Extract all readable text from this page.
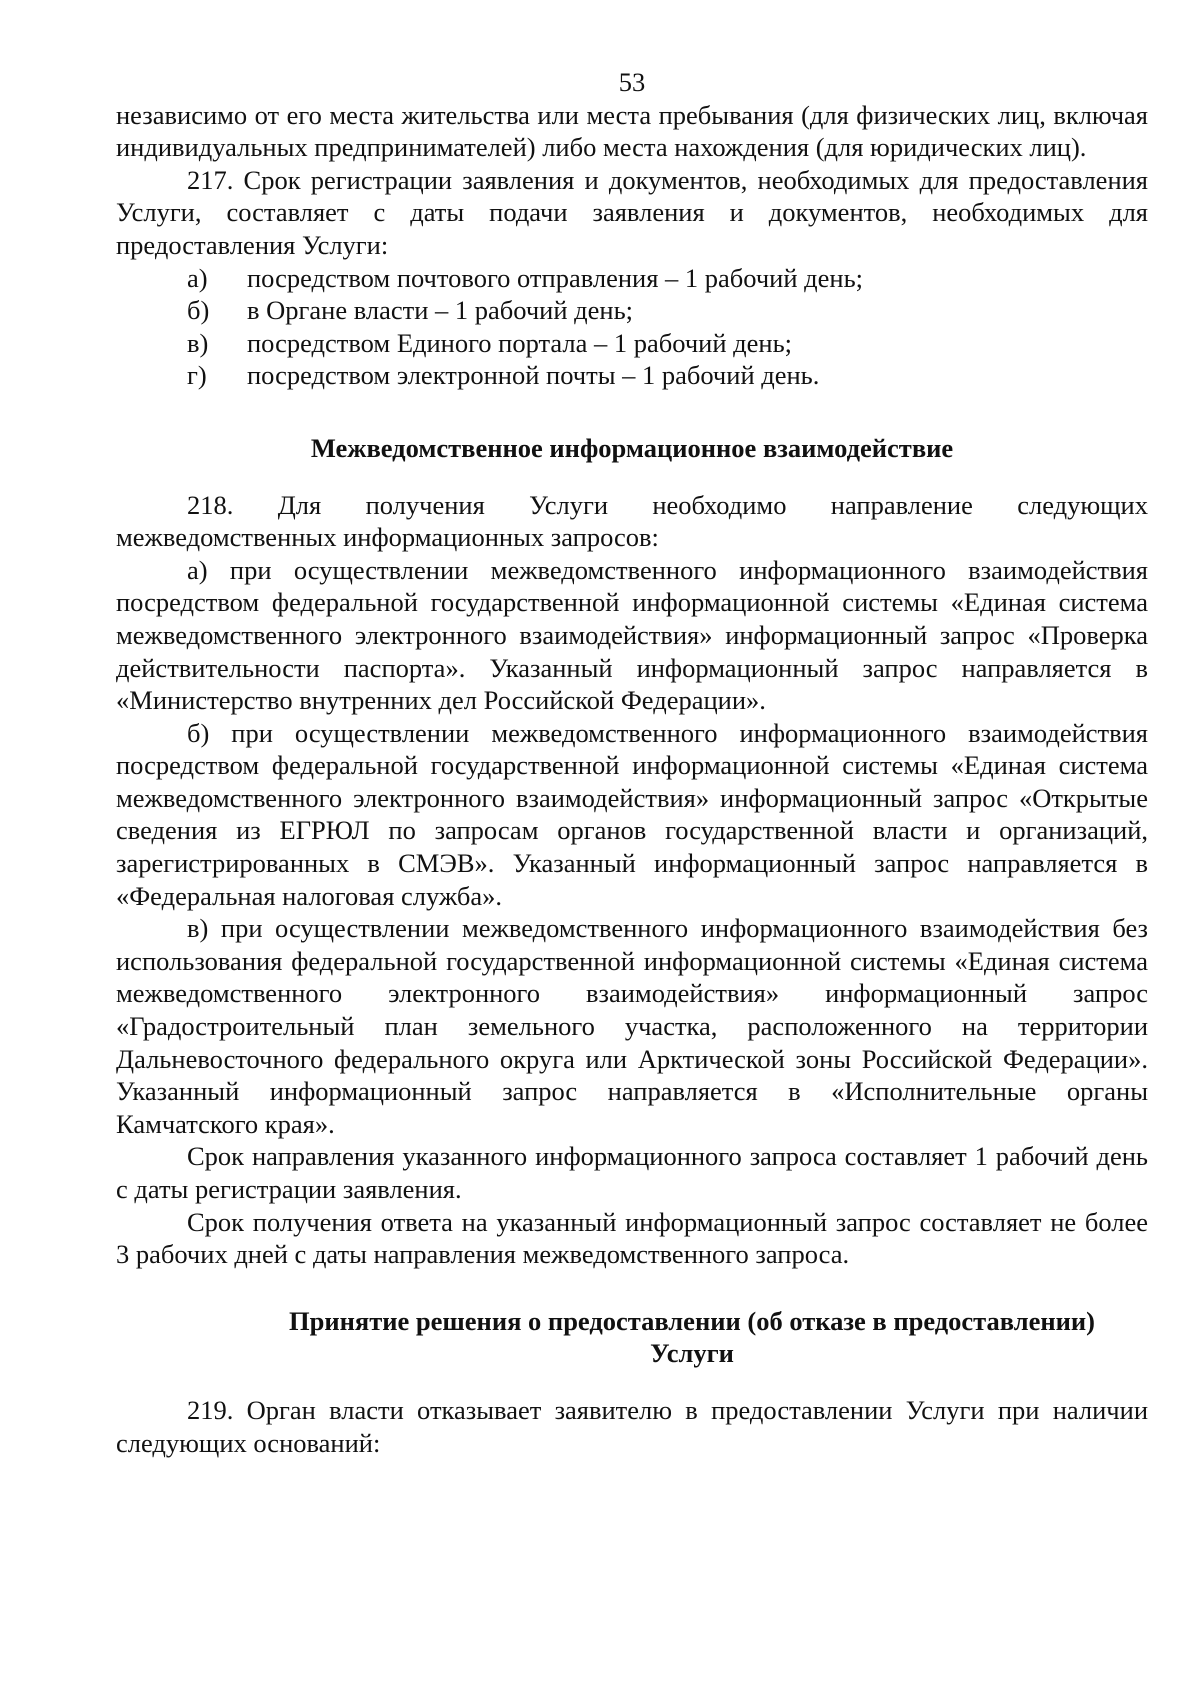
53

независимо от его места жительства или места пребывания (для физических лиц, включая индивидуальных предпринимателей) либо места нахождения (для юридических лиц).

217. Срок регистрации заявления и документов, необходимых для предоставления Услуги, составляет с даты подачи заявления и документов, необходимых для предоставления Услуги:

а)	посредством почтового отправления – 1 рабочий день;
б)	в Органе власти – 1 рабочий день;
в)	посредством Единого портала – 1 рабочий день;
г)	посредством электронной почты – 1 рабочий день.
Межведомственное информационное взаимодействие

218. Для получения Услуги необходимо направление следующих межведомственных информационных запросов:

а) при осуществлении межведомственного информационного взаимодействия посредством федеральной государственной информационной системы «Единая система межведомственного электронного взаимодействия» информационный запрос «Проверка действительности паспорта». Указанный информационный запрос направляется в «Министерство внутренних дел Российской Федерации».

б) при осуществлении межведомственного информационного взаимодействия посредством федеральной государственной информационной системы «Единая система межведомственного электронного взаимодействия» информационный запрос «Открытые сведения из ЕГРЮЛ по запросам органов государственной власти и организаций, зарегистрированных в СМЭВ». Указанный информационный запрос направляется в «Федеральная налоговая служба».

в) при осуществлении межведомственного информационного взаимодействия без использования федеральной государственной информационной системы «Единая система межведомственного электронного взаимодействия» информационный запрос «Градостроительный план земельного участка, расположенного на территории Дальневосточного федерального округа или Арктической зоны Российской Федерации». Указанный информационный запрос направляется в «Исполнительные органы Камчатского края».

Срок направления указанного информационного запроса составляет 1 рабочий день с даты регистрации заявления.

Срок получения ответа на указанный информационный запрос составляет не более 3 рабочих дней с даты направления межведомственного запроса.

Принятие решения о предоставлении (об отказе в предоставлении)
Услуги

219. Орган власти отказывает заявителю в предоставлении Услуги при наличии следующих оснований:
